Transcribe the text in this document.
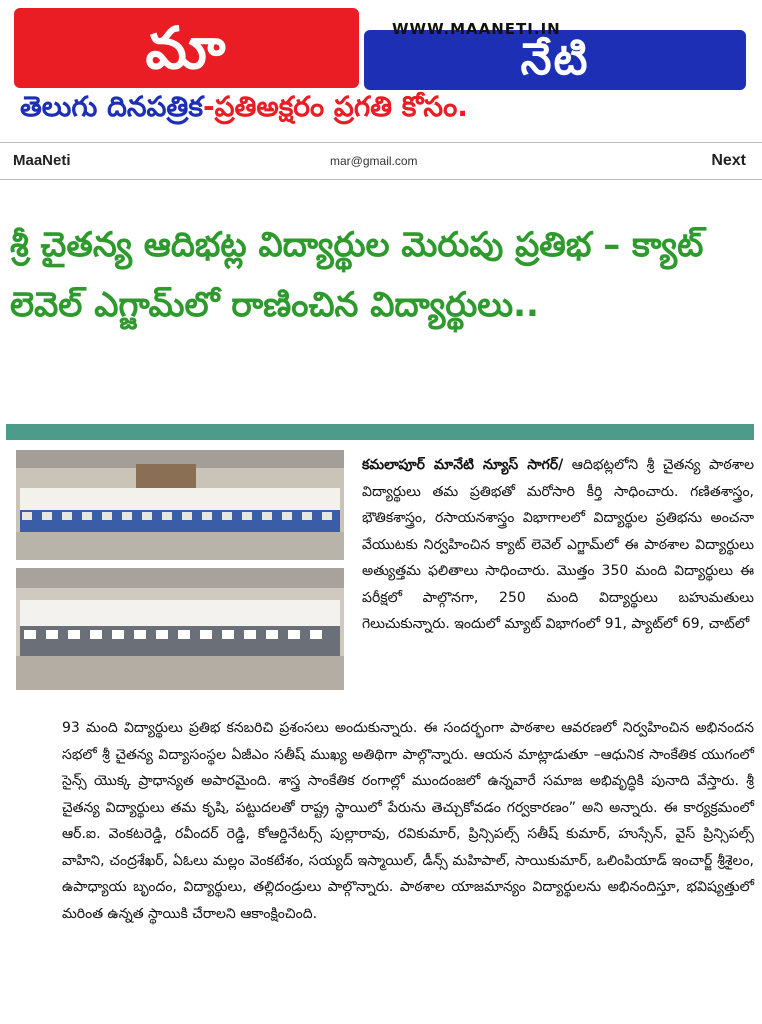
మా	నేటి
WWW.MAANETI.IN
తెలుగు దినపత్రిక-ప్రతిఅక్షరం ప్రగతి కోసం.
MaaNeti	mar@gmail.com	Next
శ్రీ చైతన్య ఆదిభట్ల విద్యార్థుల మెరుపు ప్రతిభ – క్యాట్ లెవెల్ ఎగ్జామ్‌లో రాణించిన విద్యార్థులు..

కమలాపూర్ మానేటి న్యూస్ సాగర్/ ఆదిభట్లలోని శ్రీ చైతన్య పాఠశాల విద్యార్థులు తమ ప్రతిభతో మరోసారి కీర్తి సాధించారు. గణితశాస్త్రం, భౌతికశాస్త్రం, రసాయనశాస్త్రం విభాగాలలో విద్యార్థుల ప్రతిభను అంచనా వేయుటకు నిర్వహించిన క్యాట్ లెవెల్ ఎగ్జామ్‌లో ఈ పాఠశాల విద్యార్థులు అత్యుత్తమ ఫలితాలు సాధించారు. మొత్తం 350 మంది విద్యార్థులు ఈ పరీక్షలో పాల్గొనగా, 250 మంది విద్యార్థులు బహుమతులు గెలుచుకున్నారు. ఇందులో మ్యాట్ విభాగంలో 91, ప్యాట్‌లో 69, చాట్‌లో

93 మంది విద్యార్థులు ప్రతిభ కనబరిచి ప్రశంసలు అందుకున్నారు. ఈ సందర్భంగా పాఠశాల ఆవరణలో నిర్వహించిన అభినందన సభలో శ్రీ చైతన్య విద్యాసంస్థల ఏజీఎం సతీష్ ముఖ్య అతిథిగా పాల్గొన్నారు. ఆయన మాట్లాడుతూ –ఆధునిక సాంకేతిక యుగంలో సైన్స్ యొక్క ప్రాధాన్యత అపారమైంది. శాస్త్ర సాంకేతిక రంగాల్లో ముందంజలో ఉన్నవారే సమాజ అభివృద్ధికి పునాది వేస్తారు. శ్రీ చైతన్య విద్యార్థులు తమ కృషి, పట్టుదలతో రాష్ట్ర స్థాయిలో పేరును తెచ్చుకోవడం గర్వకారణం” అని అన్నారు. ఈ కార్యక్రమంలో ఆర్.ఐ. వెంకటరెడ్డి, రవీందర్ రెడ్డి, కోఆర్డినేటర్స్ పుల్లారావు, రవికుమార్, ప్రిన్సిపల్స్ సతీష్ కుమార్, హుస్సేన్, వైస్ ప్రిన్సిపల్స్ వాహిని, చంద్రశేఖర్, ఏఓలు మల్లం వెంకటేశం, సయ్యద్ ఇస్మాయిల్, డీన్స్ మహిపాల్, సాయికుమార్, ఒలింపియాడ్ ఇంచార్జ్ శ్రీశైలం, ఉపాధ్యాయ బృందం, విద్యార్థులు, తల్లిదండ్రులు పాల్గొన్నారు. పాఠశాల యాజమాన్యం విద్యార్థులను అభినందిస్తూ, భవిష్యత్తులో మరింత ఉన్నత స్థాయికి చేరాలని ఆకాంక్షించింది.
